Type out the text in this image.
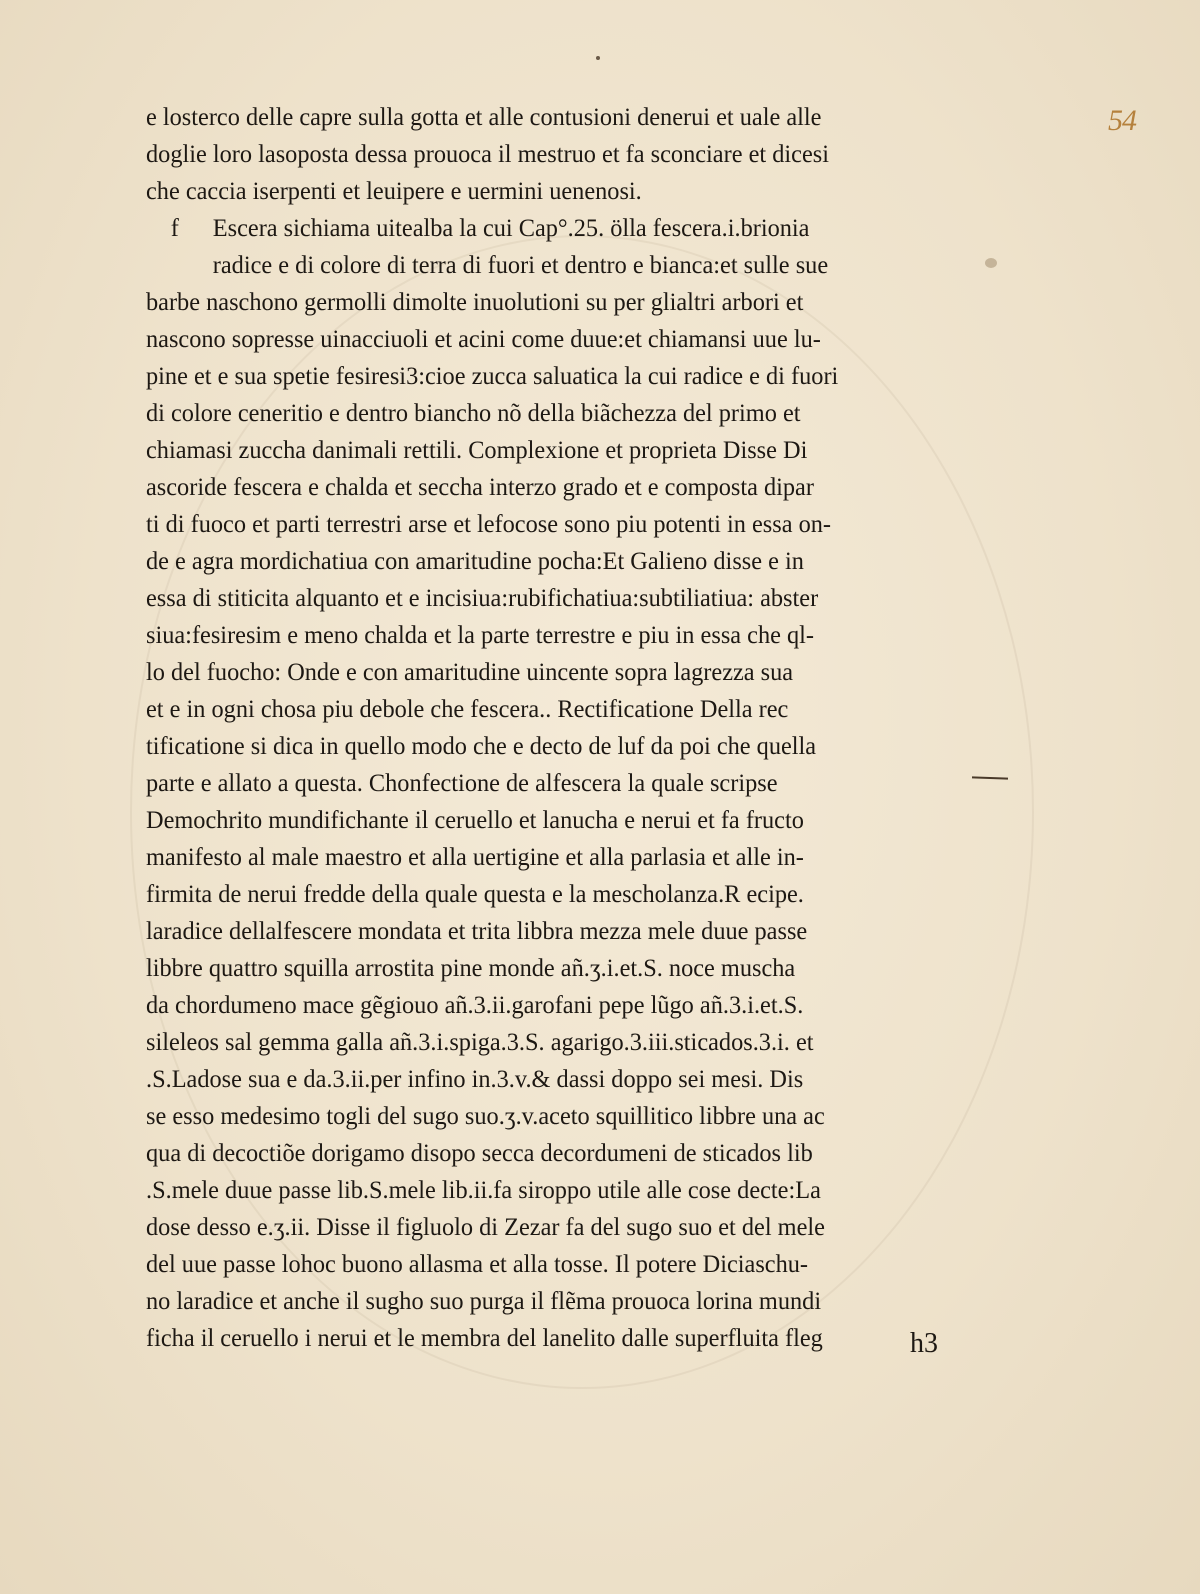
54
e losterco delle capre sulla gotta et alle contusioni denerui et uale alle
doglie loro lasoposta dessa prouoca il mestruo et fa sconciare et dicesi
che caccia iserpenti et leuipere e uermini uenenosi.
f Escera sichiama uitealba la cui Cap°.25. ölla fescera.i.brionia
radice e di colore di terra di fuori et dentro e bianca:et sulle sue
barbe naschono germolli dimolte inuolutioni su per glialtri arbori et
nascono sopresse uinacciuoli et acini come duue:et chiamansi uue lu-
pine et e sua spetie fesiresi3:cioe zucca saluatica la cui radice e di fuori
di colore ceneritio e dentro biancho nõ della biãchezza del primo et
chiamasi zuccha danimali rettili. Complexione et proprieta Disse Di
ascoride fescera e chalda et seccha interzo grado et e composta dipar
ti di fuoco et parti terrestri arse et lefocose sono piu potenti in essa on-
de e agra mordichatiua con amaritudine pocha:Et Galieno disse e in
essa di stiticita alquanto et e incisiua:rubifichatiua:subtiliatiua: abster
siua:fesiresim e meno chalda et la parte terrestre e piu in essa che ql-
lo del fuocho: Onde e con amaritudine uincente sopra lagrezza sua
et e in ogni chosa piu debole che fescera.. Rectificatione Della rec
tificatione si dica in quello modo che e decto de luf da poi che quella
parte e allato a questa. Chonfectione de alfescera la quale scripse
Demochrito mundifichante il ceruello et lanucha e nerui et fa fructo
manifesto al male maestro et alla uertigine et alla parlasia et alle in-
firmita de nerui fredde della quale questa e la mescholanza.R ecipe.
laradice dellalfescere mondata et trita libbra mezza mele duue passe
libbre quattro squilla arrostita pine monde añ.ʒ.i.et.S. noce muscha
da chordumeno mace gẽgiouo añ.3.ii.garofani pepe lũgo añ.3.i.et.S.
sileleos sal gemma galla añ.3.i.spiga.3.S. agarigo.3.iii.sticados.3.i. et
.S.Ladose sua e da.3.ii.per infino in.3.v.& dassi doppo sei mesi. Dis
se esso medesimo togli del sugo suo.ʒ.v.aceto squillitico libbre una ac
qua di decoctiõe dorigamo disopo secca decordumeni de sticados lib
.S.mele duue passe lib.S.mele lib.ii.fa siroppo utile alle cose decte:La
dose desso e.ʒ.ii. Disse il figluolo di Zezar fa del sugo suo et del mele
del uue passe lohoc buono allasma et alla tosse. Il potere Diciaschu-
no laradice et anche il sugho suo purga il flẽma prouoca lorina mundi
ficha il ceruello i nerui et le membra del lanelito dalle superfluita fleg	h3
